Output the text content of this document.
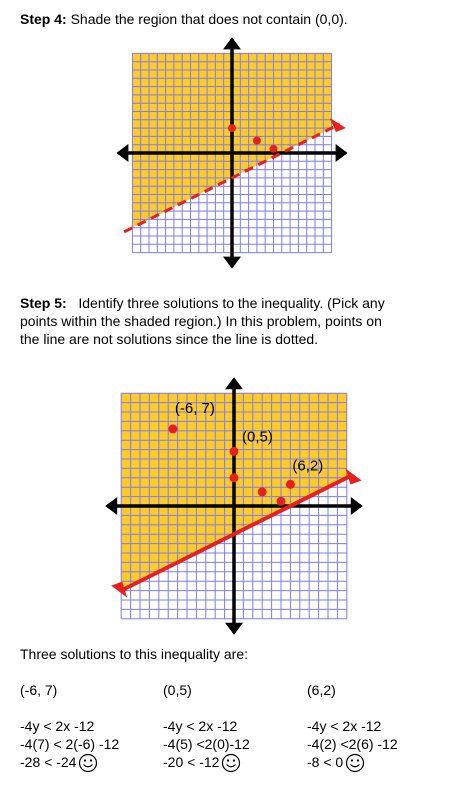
Step 4: Shade the region that does not contain (0,0).
Step 5: Identify three solutions to the inequality. (Pick any
points within the shaded region.) In this problem, points on
the line are not solutions since the line is dotted.
(-6, 7)
(0,5)
(6,2)
Three solutions to this inequality are:
(-6, 7)
-4y < 2x -12
-4(7) < 2(-6) -12
-28 < -24
(0,5)
-4y < 2x -12
-4(5) <2(0)-12
-20 < -12
(6,2)
-4y < 2x -12
-4(2) <2(6) -12
-8 < 0
